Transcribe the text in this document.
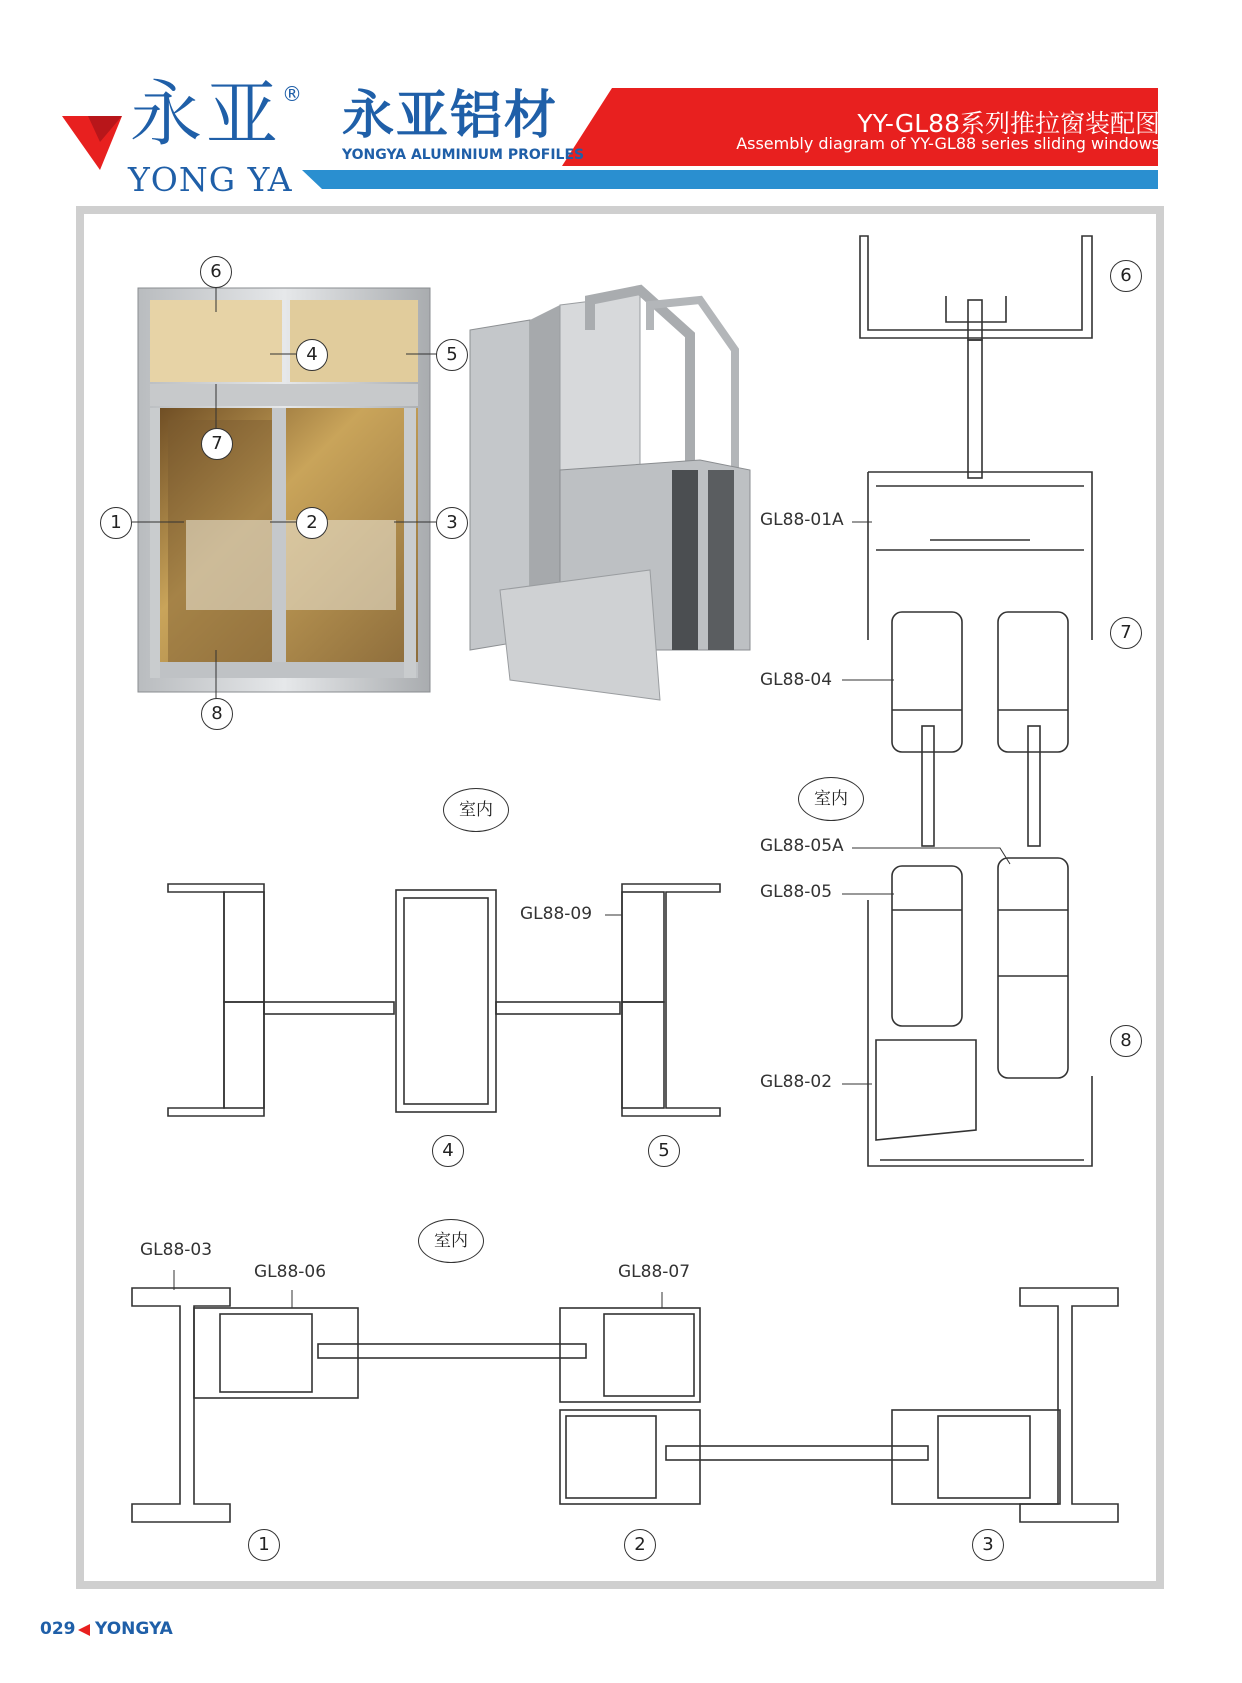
永亚 ®
YONG YA
永亚铝材
YONGYA ALUMINIUM PROFILES
YY-GL88系列推拉窗装配图
Assembly diagram of YY-GL88 series sliding windows
6
4	5
7
1	2	3
8
6
7
8
4	5
1	2	3
室内
室内
室内
GL88-01A
GL88-04
GL88-05A
GL88-05
GL88-02
GL88-09
GL88-03
GL88-06	GL88-07
029 YONGYA
